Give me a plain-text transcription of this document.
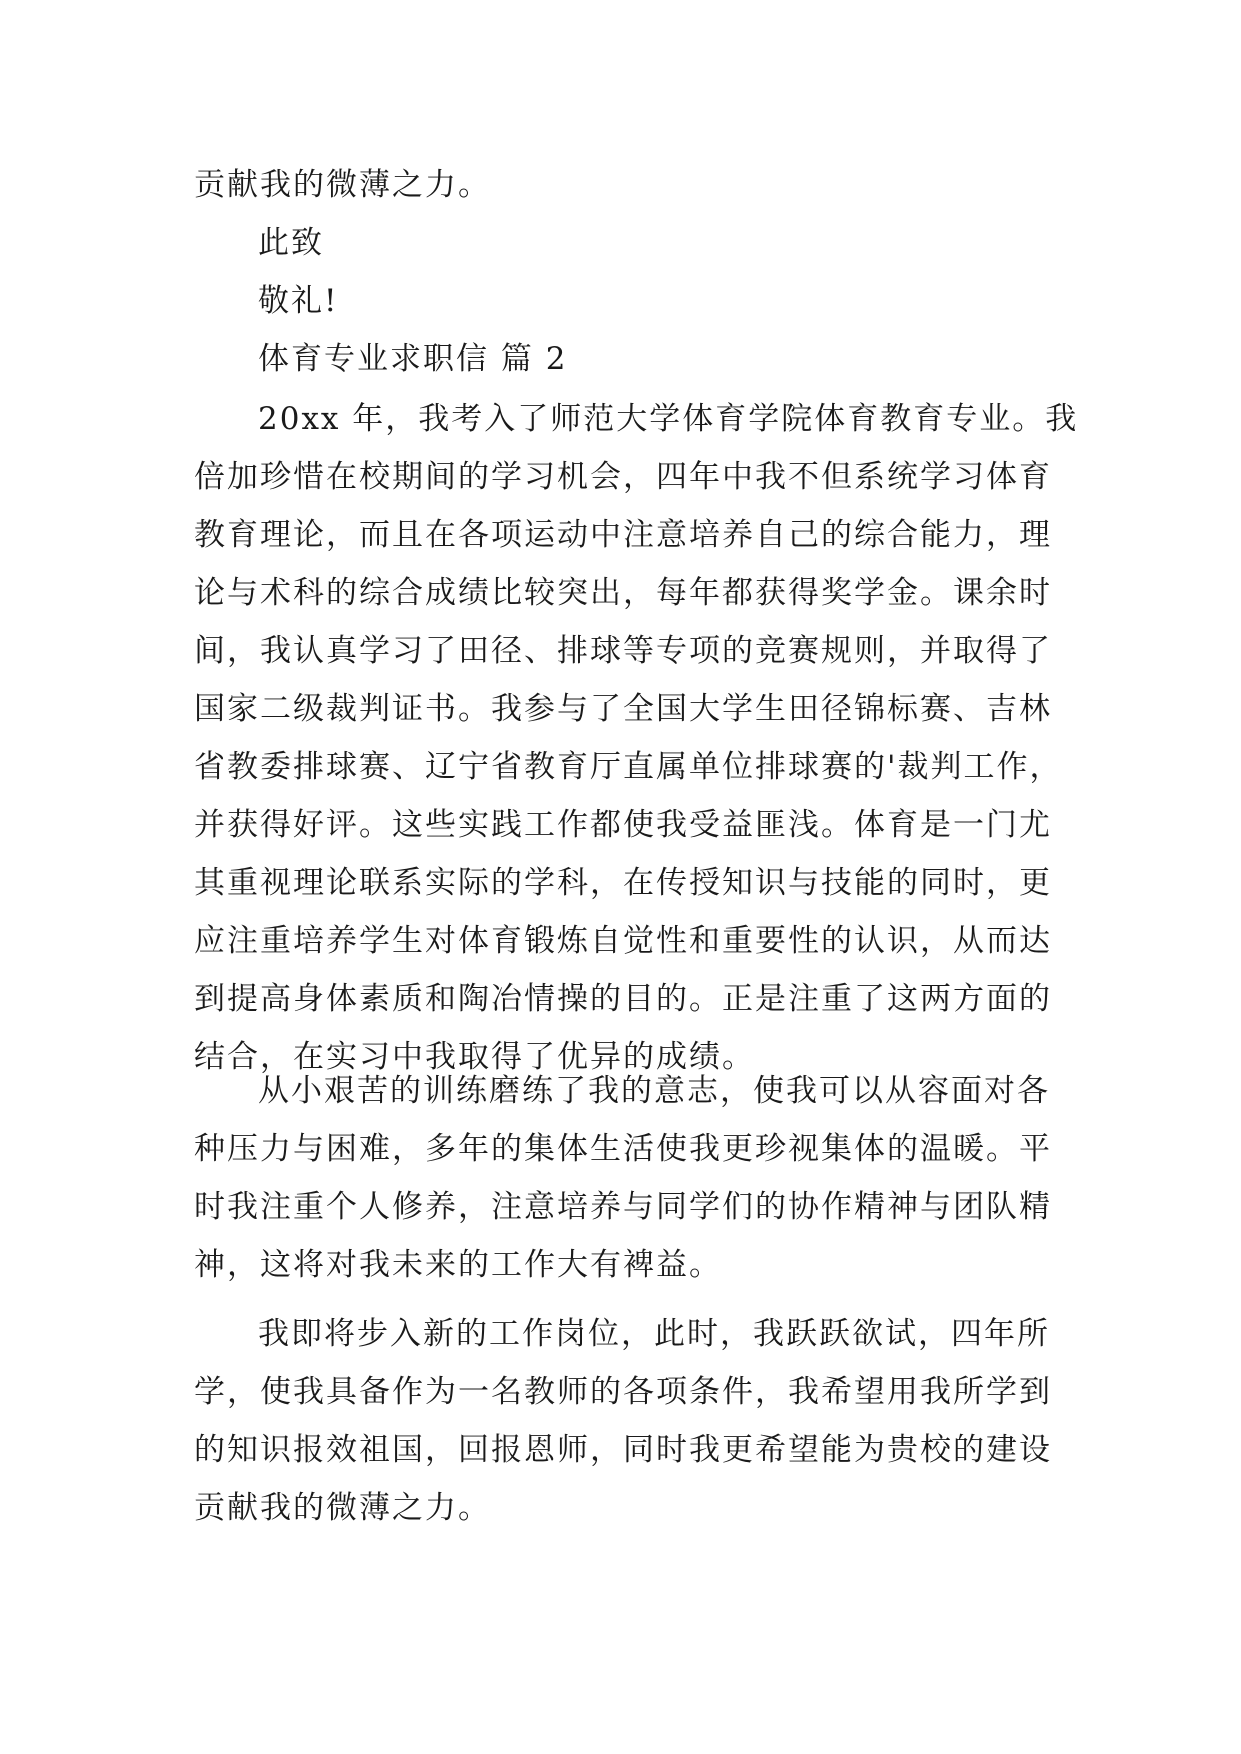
贡献我的微薄之力。
此致
敬礼!
体育专业求职信 篇 2
20xx 年，我考入了师范大学体育学院体育教育专业。我
倍加珍惜在校期间的学习机会，四年中我不但系统学习体育
教育理论，而且在各项运动中注意培养自己的综合能力，理
论与术科的综合成绩比较突出，每年都获得奖学金。课余时
间，我认真学习了田径、排球等专项的竞赛规则，并取得了
国家二级裁判证书。我参与了全国大学生田径锦标赛、吉林
省教委排球赛、辽宁省教育厅直属单位排球赛的'裁判工作，
并获得好评。这些实践工作都使我受益匪浅。体育是一门尤
其重视理论联系实际的学科，在传授知识与技能的同时，更
应注重培养学生对体育锻炼自觉性和重要性的认识，从而达
到提高身体素质和陶冶情操的目的。正是注重了这两方面的
结合，在实习中我取得了优异的成绩。
从小艰苦的训练磨练了我的意志，使我可以从容面对各
种压力与困难，多年的集体生活使我更珍视集体的温暖。平
时我注重个人修养，注意培养与同学们的协作精神与团队精
神，这将对我未来的工作大有裨益。
我即将步入新的工作岗位，此时，我跃跃欲试，四年所
学，使我具备作为一名教师的各项条件，我希望用我所学到
的知识报效祖国，回报恩师，同时我更希望能为贵校的建设
贡献我的微薄之力。
